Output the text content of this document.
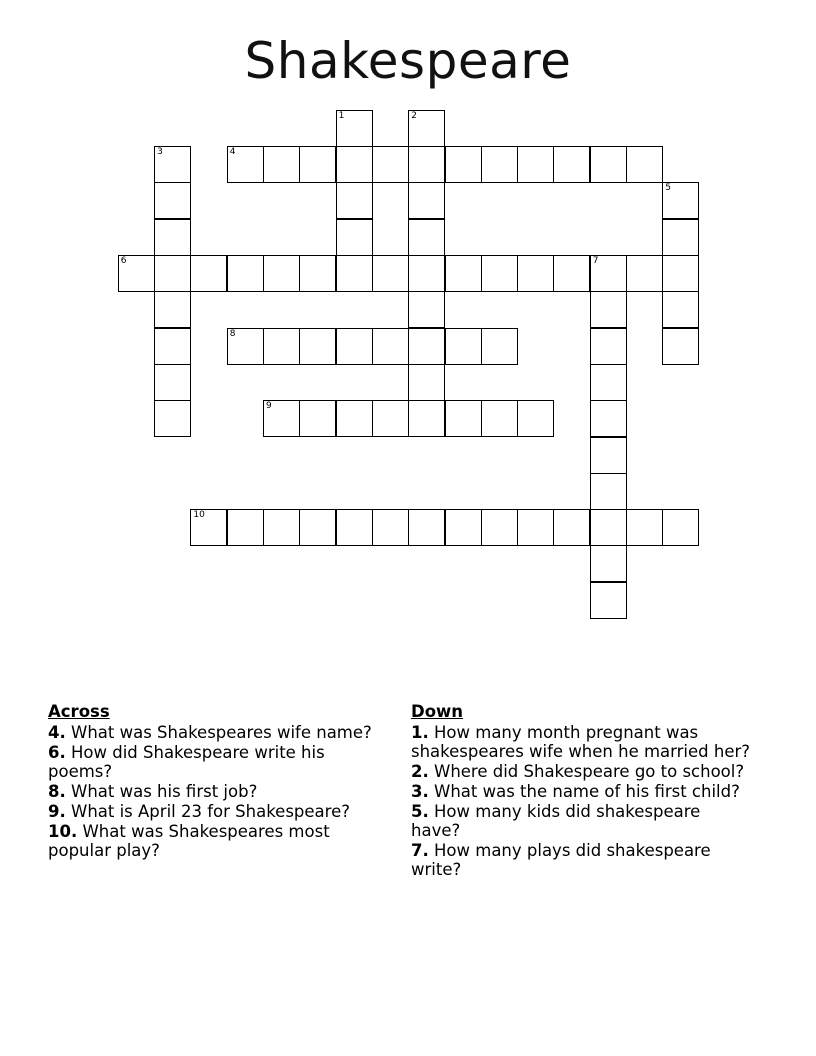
Shakespeare
1	2
3	4
5
6	7
8
9
10
Across
4. What was Shakespeares wife name?
6. How did Shakespeare write his poems?
8. What was his first job?
9. What is April 23 for Shakespeare?
10. What was Shakespeares most popular play?
Down
1. How many month pregnant was shakespeares wife when he married her?
2. Where did Shakespeare go to school?
3. What was the name of his first child?
5. How many kids did shakespeare have?
7. How many plays did shakespeare write?
